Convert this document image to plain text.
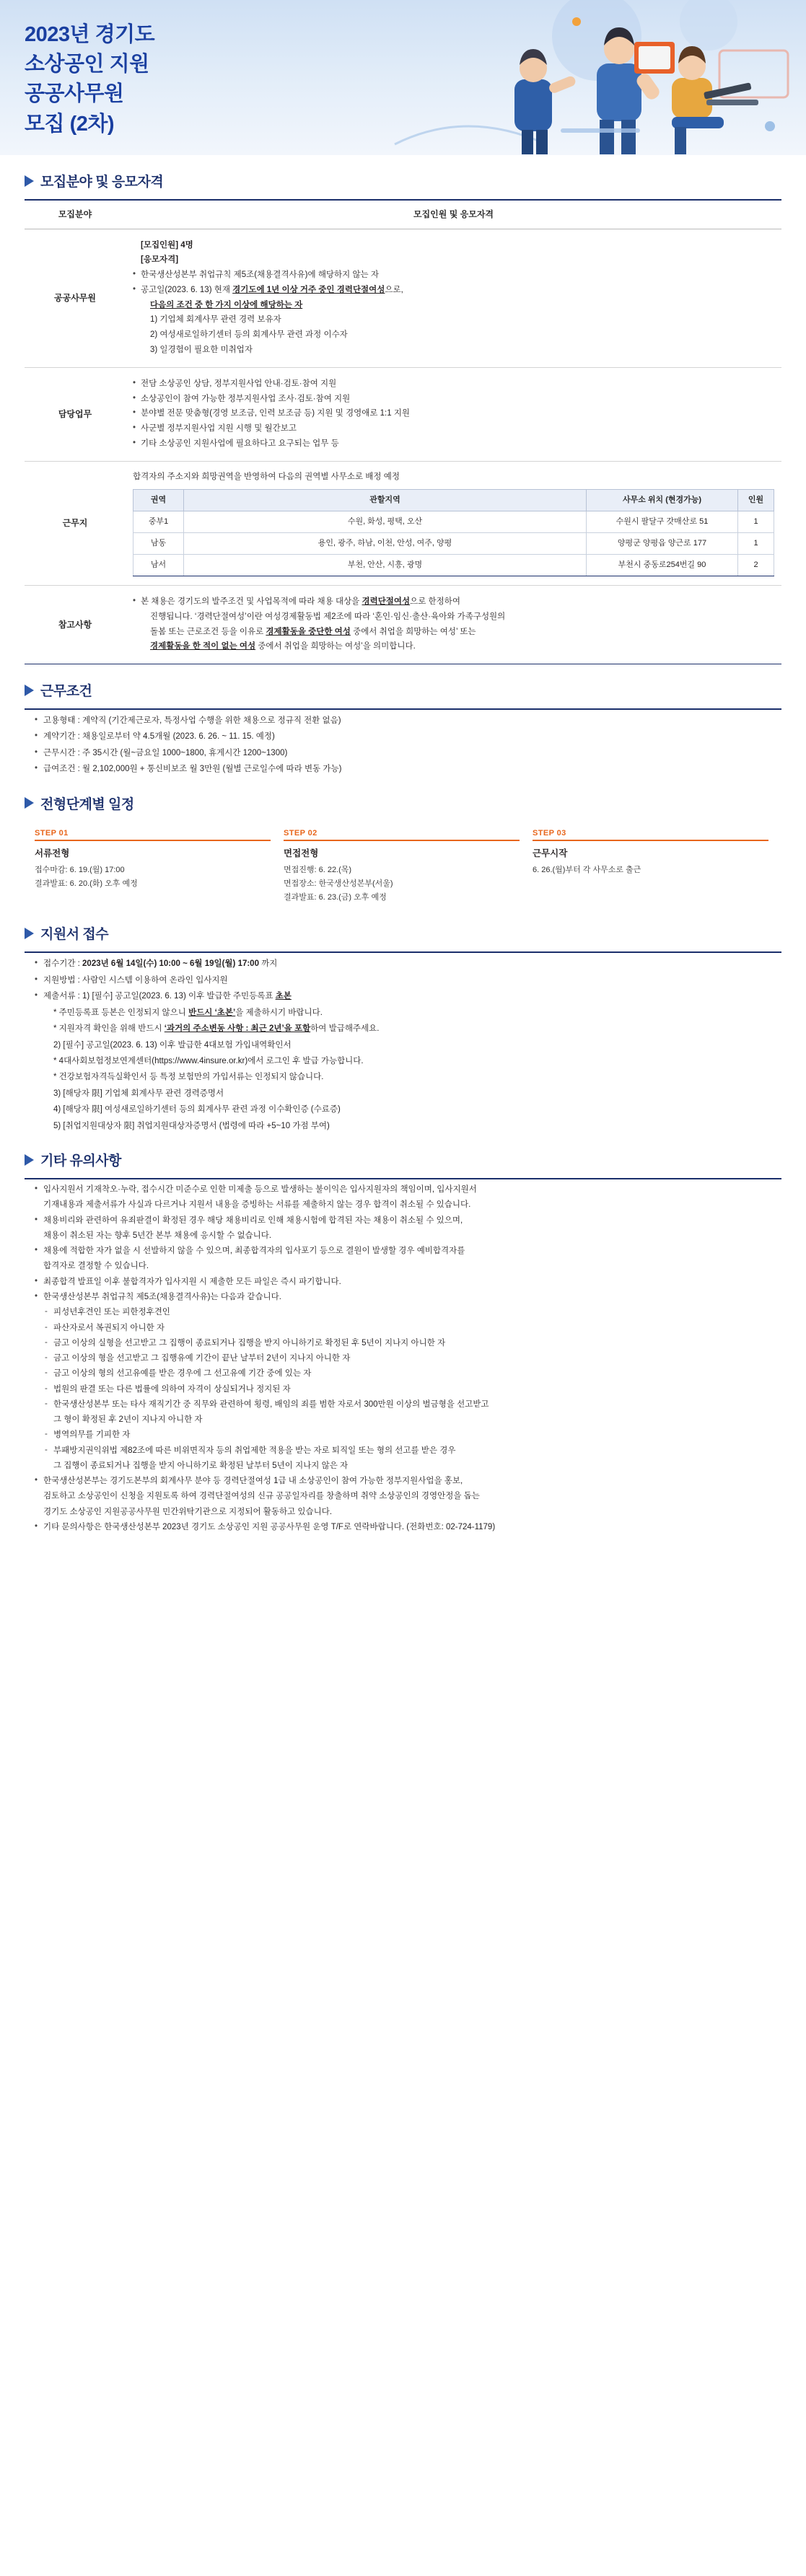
2023년 경기도
소상공인 지원
공공사무원
모집 (2차)
모집분야 및 응모자격
모집분야	모집인원 및 응모자격
공공사무원	
[모집인원] 4명
[응모자격]
• 한국생산성본부 취업규칙 제5조(채용결격사유)에 해당하지 않는 자
• 공고일(2023. 6. 13) 현재 경기도에 1년 이상 거주 중인 경력단절여성으로,
다음의 조건 중 한 가지 이상에 해당하는 자
1) 기업체 회계사무 관련 경력 보유자
2) 여성새로일하기센터 등의 회계사무 관련 과정 이수자
3) 일경험이 필요한 미취업자

담당업무	
• 전담 소상공인 상담, 정부지원사업 안내·검토·참여 지원
• 소상공인이 참여 가능한 정부지원사업 조사·검토·참여 지원
• 분야별 전문 맞춤형(경영 보조금, 인력 보조금 등) 지원 및 경영애로 1:1 지원
• 사군별 정부지원사업 지원 시행 및 월간보고
• 기타 소상공인 지원사업에 필요하다고 요구되는 업무 등

근무지	
합격자의 주소지와 희망권역을 반영하여 다음의 권역별 사무소로 배정 예정
권역	관할지역	사무소 위치 (현경가능)	인원
중부1	수원, 화성, 평택, 오산	수원시 팔달구 갓매산로 51	1
남동	용인, 광주, 하남, 이천, 안성, 여주, 양평	양평군 양평읍 양근로 177	1
남서	부천, 안산, 시흥, 광명	부천시 중동로254번길 90	2

참고사항	
• 본 채용은 경기도의 발주조건 및 사업목적에 따라 채용 대상을 경력단절여성으로 한정하여
진행됩니다. ‘경력단절여성’이란 여성경제활동법 제2조에 따라 ‘혼인·임신·출산·육아와 가족구성원의
돌봄 또는 근로조건 등을 이유로 경제활동을 중단한 여성 중에서 취업을 희망하는 여성’ 또는
경제활동을 한 적이 없는 여성 중에서 취업을 희망하는 여성’을 의미합니다.
근무조건
• 고용형태 : 계약직 (기간제근로자, 특정사업 수행을 위한 채용으로 정규직 전환 없음)
• 계약기간 : 채용일로부터 약 4.5개월 (2023. 6. 26. ~ 11. 15. 예정)
• 근무시간 : 주 35시간 (월~금요일 1000~1800, 휴게시간 1200~1300)
• 급여조건 : 월 2,102,000원 + 통신비보조 월 3만원 (월별 근로일수에 따라 변동 가능)
전형단계별 일정
STEP 01
서류전형
접수마감: 6. 19.(월) 17:00
결과발표: 6. 20.(화) 오후 예정
STEP 02
면접전형
면접진행: 6. 22.(목)
면접장소: 한국생산성본부(서울)
결과발표: 6. 23.(금) 오후 예정
STEP 03
근무시작
6. 26.(월)부터 각 사무소로 출근
지원서 접수
• 접수기간 : 2023년 6월 14일(수) 10:00 ~ 6월 19일(월) 17:00 까지
• 지원방법 : 사람인 시스템 이용하여 온라인 입사지원
• 제출서류 : 1) [필수] 공고일(2023. 6. 13) 이후 발급한 주민등록표 초본
* 주민등록표 등본은 인정되지 않으니 반드시 ‘초본’을 제출하시기 바랍니다.
* 지원자격 확인을 위해 반드시 ‘과거의 주소변동 사항 : 최근 2년’을 포함하여 발급해주세요.
2) [필수] 공고일(2023. 6. 13) 이후 발급한 4대보험 가입내역확인서
* 4대사회보험정보연계센터(https://www.4insure.or.kr)에서 로그인 후 발급 가능합니다.
* 건강보험자격득실확인서 등 특정 보험만의 가입서류는 인정되지 않습니다.
3) [해당자 限] 기업체 회계사무 관련 경력증명서
4) [해당자 限] 여성새로일하기센터 등의 회계사무 관련 과정 이수확인증 (수료증)
5) [취업지원대상자 限] 취업지원대상자증명서 (법령에 따라 +5~10 가점 부여)
기타 유의사항
• 입사지원서 기재착오·누락, 접수시간 미준수로 인한 미제출 등으로 발생하는 불이익은 입사지원자의 책임이며, 입사지원서
기재내용과 제출서류가 사실과 다르거나 지원서 내용을 증빙하는 서류를 제출하지 않는 경우 합격이 취소될 수 있습니다.
• 채용비리와 관련하여 유죄판결이 확정된 경우 해당 채용비리로 인해 채용시험에 합격된 자는 채용이 취소될 수 있으며,
채용이 취소된 자는 향후 5년간 본부 채용에 응시할 수 없습니다.
• 채용에 적합한 자가 없을 시 선발하지 않을 수 있으며, 최종합격자의 입사포기 등으로 결원이 발생할 경우 예비합격자를
합격자로 결정할 수 있습니다.
• 최종합격 발표일 이후 불합격자가 입사지원 시 제출한 모든 파일은 즉시 파기합니다.
• 한국생산성본부 취업규칙 제5조(채용결격사유)는 다음과 같습니다.
- 피성년후견인 또는 피한정후견인
- 파산자로서 복권되지 아니한 자
- 금고 이상의 실형을 선고받고 그 집행이 종료되거나 집행을 받지 아니하기로 확정된 후 5년이 지나지 아니한 자
- 금고 이상의 형을 선고받고 그 집행유예 기간이 끝난 날부터 2년이 지나지 아니한 자
- 금고 이상의 형의 선고유예를 받은 경우에 그 선고유예 기간 중에 있는 자
- 법원의 판결 또는 다른 법률에 의하여 자격이 상실되거나 정지된 자
- 한국생산성본부 또는 타사 재직기간 중 직무와 관련하여 횡령, 배임의 죄를 범한 자로서 300만원 이상의 벌금형을 선고받고
그 형이 확정된 후 2년이 지나지 아니한 자
- 병역의무를 기피한 자
- 부패방지권익위법 제82조에 따른 비위면직자 등의 취업제한 적용을 받는 자로 퇴직일 또는 형의 선고를 받은 경우
그 집행이 종료되거나 집행을 받지 아니하기로 확정된 날부터 5년이 지나지 않은 자
• 한국생산성본부는 경기도본부의 회계사무 분야 등 경력단절여성 1급 내 소상공인이 참여 가능한 정부지원사업을 홍보,
검토하고 소상공인이 신청을 지원토록 하여 경력단절여성의 신규 공공일자리를 창출하며 취약 소상공인의 경영안정을 돕는
경기도 소상공인 지원공공사무원 민간위탁기관으로 지정되어 활동하고 있습니다.
• 기타 문의사항은 한국생산성본부 2023년 경기도 소상공인 지원 공공사무원 운영 T/F로 연락바랍니다. (전화번호: 02-724-1179)
